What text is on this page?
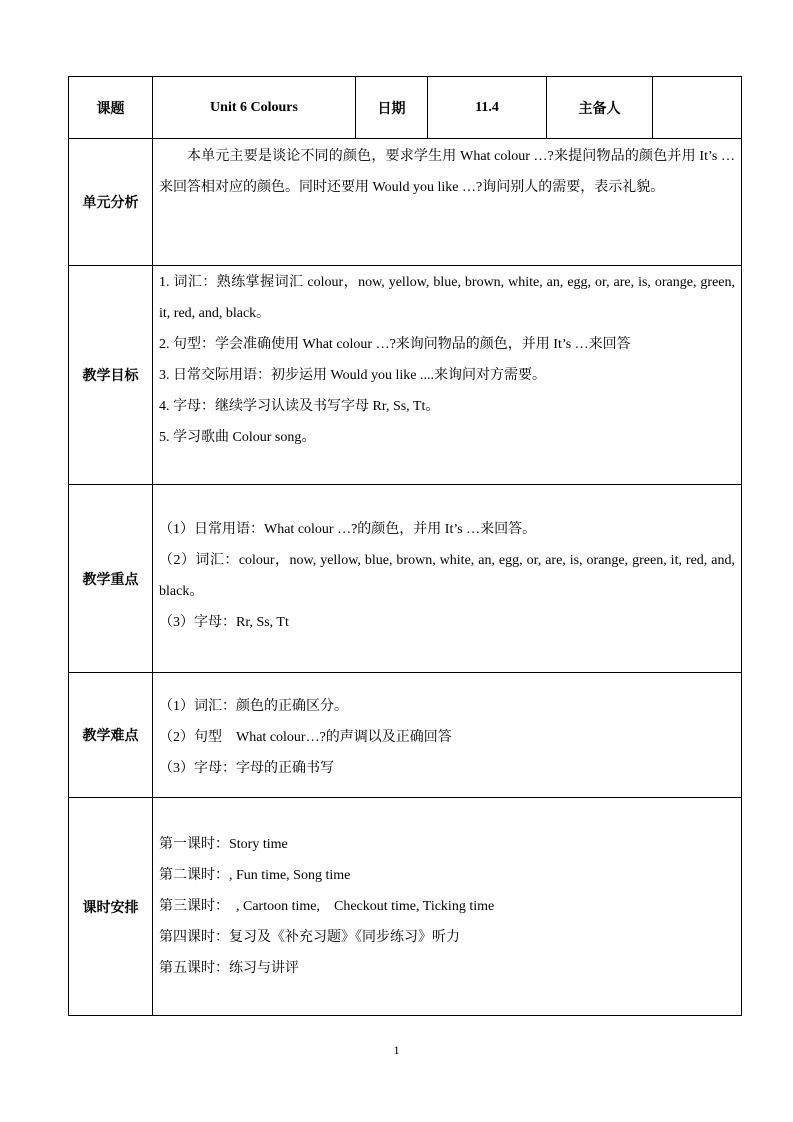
课题	Unit 6 Colours	日期	11.4	主备人	
单元分析	本单元主要是谈论不同的颜色，要求学生用 What colour …?来提问物品的颜色并用 It’s …来回答相对应的颜色。同时还要用 Would you like …?询问别人的需要，表示礼貌。				

教学目标	1. 词汇：熟练掌握词汇 colour，now, yellow, blue, brown, white, an, egg, or, are, is, orange, green, it, red, and, black。
2. 句型：学会准确使用 What colour …?来询问物品的颜色，并用 It’s …来回答
3. 日常交际用语：初步运用 Would you like ....来询问对方需要。
4. 字母：继续学习认读及书写字母 Rr, Ss, Tt。
5. 学习歌曲 Colour song。				

教学重点	（1）日常用语：What colour …?的颜色，并用 It’s …来回答。
（2）词汇：colour，now, yellow, blue, brown, white, an, egg, or, are, is, orange, green, it, red, and, black。
（3）字母：Rr, Ss, Tt				

教学难点	（1）词汇：颜色的正确区分。
（2）句型　What colour…?的声调以及正确回答
（3）字母：字母的正确书写				

课时安排	第一课时：Story time
第二课时：, Fun time, Song time
第三课时：　, Cartoon time,　Checkout time, Ticking time
第四课时：复习及《补充习题》《同步练习》听力
第五课时：练习与讲评				
1
